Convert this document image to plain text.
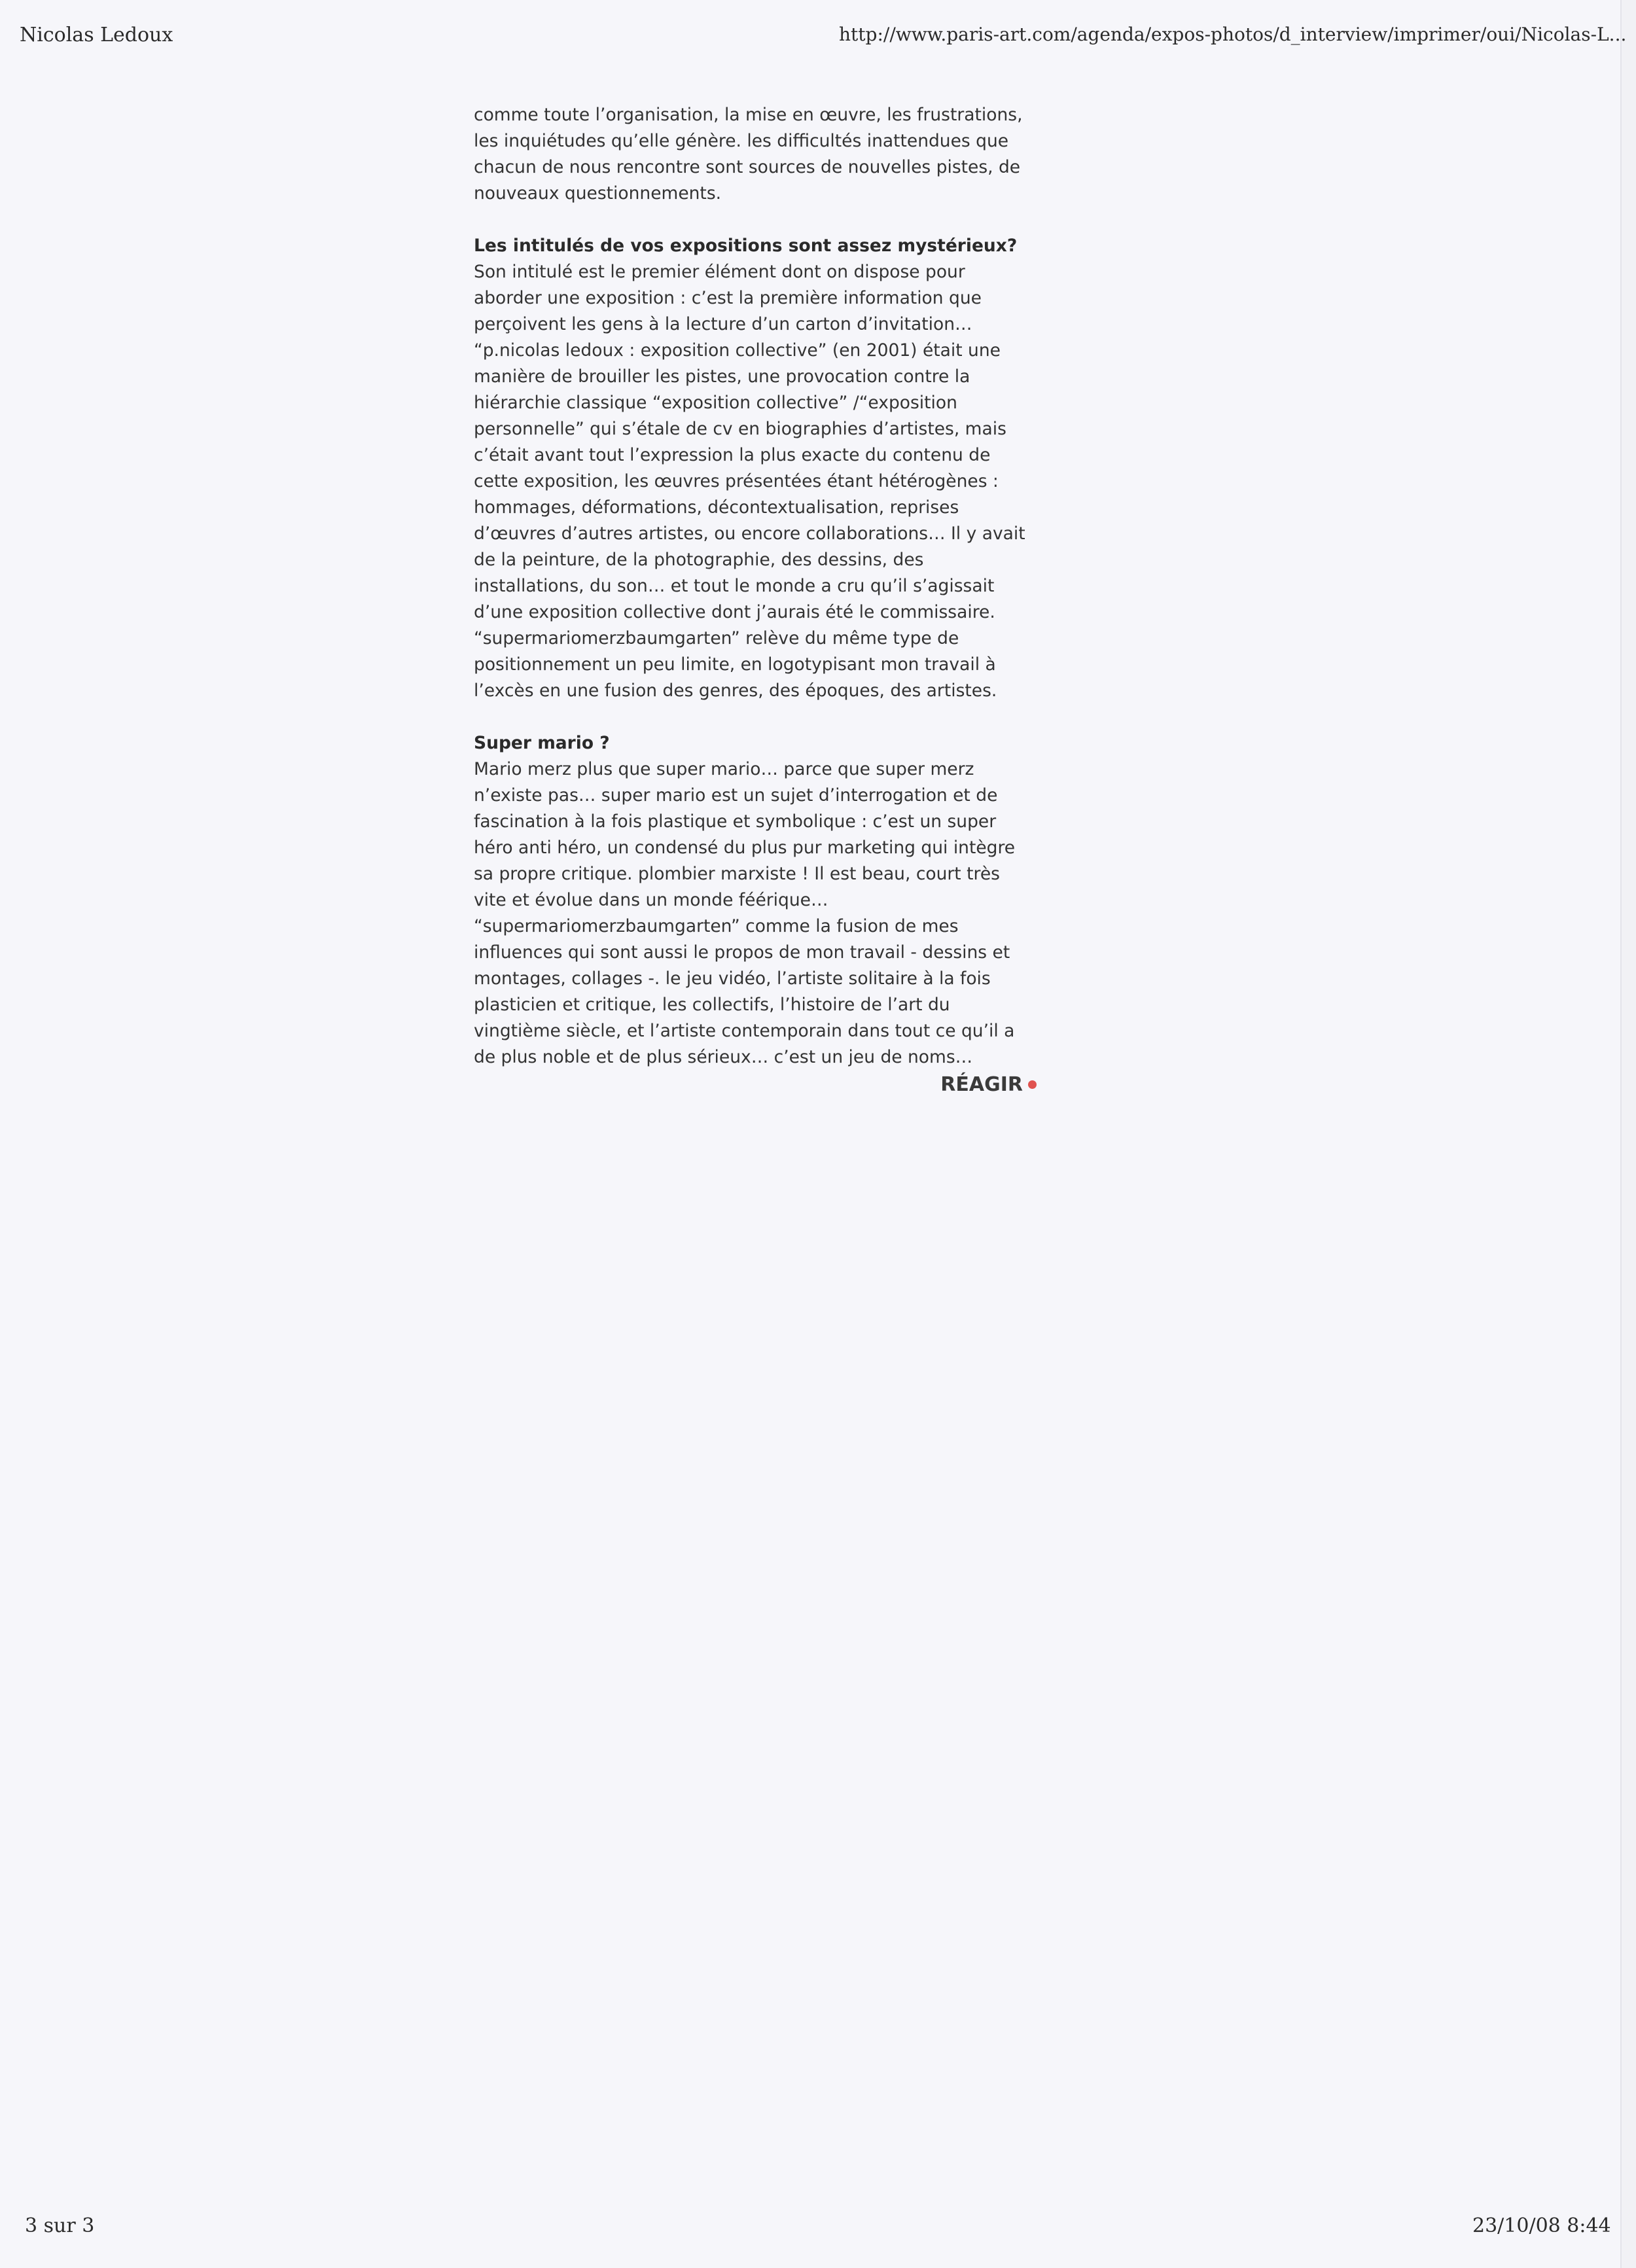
Nicolas Ledoux	http://www.paris-art.com/agenda/expos-photos/d_interview/imprimer/oui/Nicolas-L...

comme toute l’organisation, la mise en œuvre, les frustrations, les inquiétudes qu’elle génère. les difficultés inattendues que chacun de nous rencontre sont sources de nouvelles pistes, de nouveaux questionnements.

Les intitulés de vos expositions sont assez mystérieux?

Son intitulé est le premier élément dont on dispose pour aborder une exposition : c’est la première information que perçoivent les gens à la lecture d’un carton d’invitation… “p.nicolas ledoux : exposition collective” (en 2001) était une manière de brouiller les pistes, une provocation contre la hiérarchie classique “exposition collective” /“exposition personnelle” qui s’étale de cv en biographies d’artistes, mais c’était avant tout l’expression la plus exacte du contenu de cette exposition, les œuvres présentées étant hétérogènes : hommages, déformations, décontextualisation, reprises d’œuvres d’autres artistes, ou encore collaborations… Il y avait de la peinture, de la photographie, des dessins, des installations, du son… et tout le monde a cru qu’il s’agissait d’une exposition collective dont j’aurais été le commissaire. “supermariomerzbaumgarten” relève du même type de positionnement un peu limite, en logotypisant mon travail à l’excès en une fusion des genres, des époques, des artistes.

Super mario ?

Mario merz plus que super mario… parce que super merz n’existe pas… super mario est un sujet d’interrogation et de fascination à la fois plastique et symbolique : c’est un super héro anti héro, un condensé du plus pur marketing qui intègre sa propre critique. plombier marxiste ! Il est beau, court très vite et évolue dans un monde féérique… “supermariomerzbaumgarten” comme la fusion de mes influences qui sont aussi le propos de mon travail - dessins et montages, collages -. le jeu vidéo, l’artiste solitaire à la fois plasticien et critique, les collectifs, l’histoire de l’art du vingtième siècle, et l’artiste contemporain dans tout ce qu’il a de plus noble et de plus sérieux… c’est un jeu de noms…

RÉAGIR
3 sur 3	23/10/08 8:44
